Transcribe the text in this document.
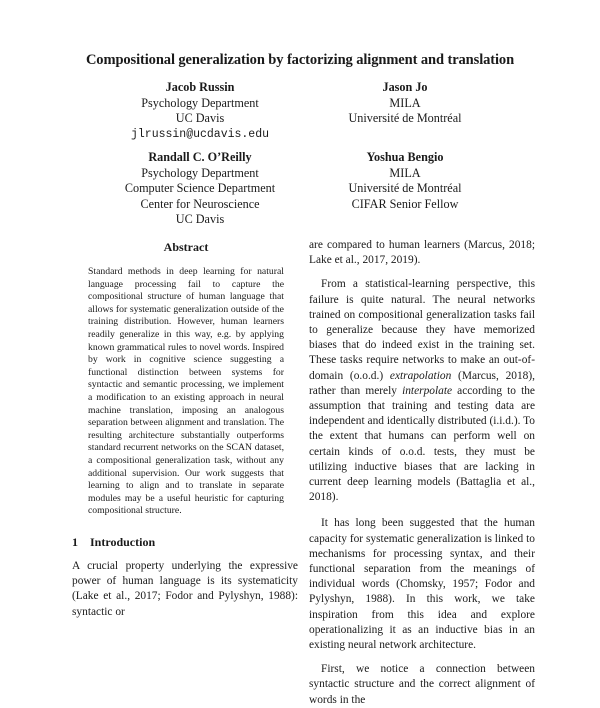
Compositional generalization by factorizing alignment and translation
Jacob Russin
Psychology Department
UC Davis
jlrussin@ucdavis.edu
Jason Jo
MILA
Université de Montréal
Randall C. O’Reilly
Psychology Department
Computer Science Department
Center for Neuroscience
UC Davis
Yoshua Bengio
MILA
Université de Montréal
CIFAR Senior Fellow
Abstract
Standard methods in deep learning for natural language processing fail to capture the compositional structure of human language that allows for systematic generalization outside of the training distribution. However, human learners readily generalize in this way, e.g. by applying known grammatical rules to novel words. Inspired by work in cognitive science suggesting a functional distinction between systems for syntactic and semantic processing, we implement a modification to an existing approach in neural machine translation, imposing an analogous separation between alignment and translation. The resulting architecture substantially outperforms standard recurrent networks on the SCAN dataset, a compositional generalization task, without any additional supervision. Our work suggests that learning to align and to translate in separate modules may be a useful heuristic for capturing compositional structure.
1 Introduction

A crucial property underlying the expressive power of human language is its systematicity (Lake et al., 2017; Fodor and Pylyshyn, 1988): syntactic or

are compared to human learners (Marcus, 2018; Lake et al., 2017, 2019).

From a statistical-learning perspective, this failure is quite natural. The neural networks trained on compositional generalization tasks fail to generalize because they have memorized biases that do indeed exist in the training set. These tasks require networks to make an out-of-domain (o.o.d.) extrapolation (Marcus, 2018), rather than merely interpolate according to the assumption that training and testing data are independent and identically distributed (i.i.d.). To the extent that humans can perform well on certain kinds of o.o.d. tests, they must be utilizing inductive biases that are lacking in current deep learning models (Battaglia et al., 2018).

It has long been suggested that the human capacity for systematic generalization is linked to mechanisms for processing syntax, and their functional separation from the meanings of individual words (Chomsky, 1957; Fodor and Pylyshyn, 1988). In this work, we take inspiration from this idea and explore operationalizing it as an inductive bias in an existing neural network architecture.

First, we notice a connection between syntactic structure and the correct alignment of words in the
